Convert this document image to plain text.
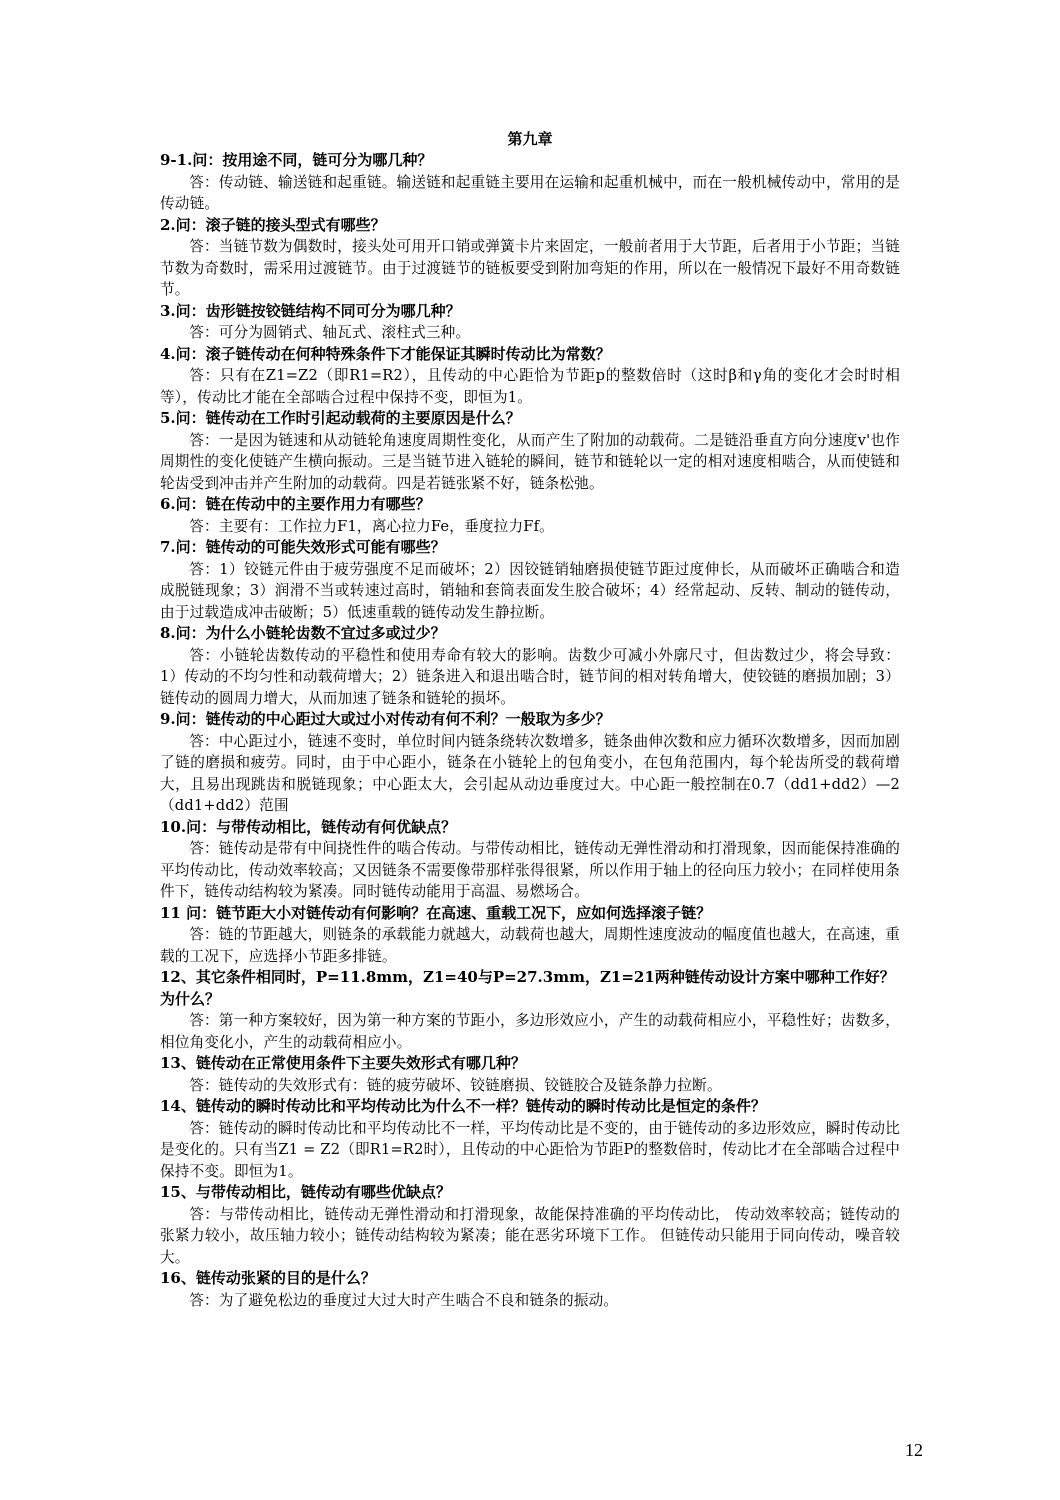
第九章

9-1.问：按用途不同，链可分为哪几种？

答：传动链、输送链和起重链。输送链和起重链主要用在运输和起重机械中，而在一般机械传动中，常用的是传动链。

2.问：滚子链的接头型式有哪些？

答：当链节数为偶数时，接头处可用开口销或弹簧卡片来固定，一般前者用于大节距，后者用于小节距；当链节数为奇数时，需采用过渡链节。由于过渡链节的链板要受到附加弯矩的作用，所以在一般情况下最好不用奇数链节。

3.问：齿形链按铰链结构不同可分为哪几种？

答：可分为圆销式、轴瓦式、滚柱式三种。

4.问：滚子链传动在何种特殊条件下才能保证其瞬时传动比为常数？

答：只有在Z1=Z2（即R1=R2），且传动的中心距恰为节距p的整数倍时（这时β和γ角的变化才会时时相等），传动比才能在全部啮合过程中保持不变，即恒为1。

5.问：链传动在工作时引起动载荷的主要原因是什么？

答：一是因为链速和从动链轮角速度周期性变化，从而产生了附加的动载荷。二是链沿垂直方向分速度v'也作周期性的变化使链产生横向振动。三是当链节进入链轮的瞬间，链节和链轮以一定的相对速度相啮合，从而使链和轮齿受到冲击并产生附加的动载荷。四是若链张紧不好，链条松弛。

6.问：链在传动中的主要作用力有哪些？

答：主要有：工作拉力F1，离心拉力Fe，垂度拉力Ff。

7.问：链传动的可能失效形式可能有哪些？

答：1）铰链元件由于疲劳强度不足而破坏；2）因铰链销轴磨损使链节距过度伸长，从而破坏正确啮合和造成脱链现象；3）润滑不当或转速过高时，销轴和套筒表面发生胶合破坏；4）经常起动、反转、制动的链传动，由于过载造成冲击破断；5）低速重载的链传动发生静拉断。

8.问：为什么小链轮齿数不宜过多或过少？

答：小链轮齿数传动的平稳性和使用寿命有较大的影响。齿数少可减小外廓尺寸，但齿数过少，将会导致：1）传动的不均匀性和动载荷增大；2）链条进入和退出啮合时，链节间的相对转角增大，使铰链的磨损加剧；3）链传动的圆周力增大，从而加速了链条和链轮的损坏。

9.问：链传动的中心距过大或过小对传动有何不利？一般取为多少？

答：中心距过小，链速不变时，单位时间内链条绕转次数增多，链条曲伸次数和应力循环次数增多，因而加剧了链的磨损和疲劳。同时，由于中心距小，链条在小链轮上的包角变小，在包角范围内，每个轮齿所受的载荷增大，且易出现跳齿和脱链现象；中心距太大，会引起从动边垂度过大。中心距一般控制在0.7（dd1+dd2）—2（dd1+dd2）范围

10.问：与带传动相比，链传动有何优缺点？

答：链传动是带有中间挠性件的啮合传动。与带传动相比，链传动无弹性滑动和打滑现象，因而能保持准确的平均传动比，传动效率较高；又因链条不需要像带那样张得很紧，所以作用于轴上的径向压力较小；在同样使用条件下，链传动结构较为紧凑。同时链传动能用于高温、易燃场合。

11 问：链节距大小对链传动有何影响？在高速、重载工况下，应如何选择滚子链？

答：链的节距越大，则链条的承载能力就越大，动载荷也越大，周期性速度波动的幅度值也越大，在高速，重载的工况下，应选择小节距多排链。

12、其它条件相同时，P=11.8mm，Z1=40与P=27.3mm，Z1=21两种链传动设计方案中哪种工作好？为什么？

答：第一种方案较好，因为第一种方案的节距小，多边形效应小，产生的动载荷相应小，平稳性好；齿数多，相位角变化小，产生的动载荷相应小。

13、链传动在正常使用条件下主要失效形式有哪几种？

答：链传动的失效形式有：链的疲劳破坏、铰链磨损、铰链胶合及链条静力拉断。

14、链传动的瞬时传动比和平均传动比为什么不一样？链传动的瞬时传动比是恒定的条件？

答：链传动的瞬时传动比和平均传动比不一样，平均传动比是不变的，由于链传动的多边形效应，瞬时传动比是变化的。只有当Z1 = Z2（即R1=R2时），且传动的中心距恰为节距P的整数倍时，传动比才在全部啮合过程中保持不变。即恒为1。

15、与带传动相比，链传动有哪些优缺点？

答：与带传动相比，链传动无弹性滑动和打滑现象，故能保持准确的平均传动比， 传动效率较高；链传动的张紧力较小，故压轴力较小；链传动结构较为紧凑；能在恶劣环境下工作。 但链传动只能用于同向传动，噪音较大。

16、链传动张紧的目的是什么？

答：为了避免松边的垂度过大过大时产生啮合不良和链条的振动。

12
